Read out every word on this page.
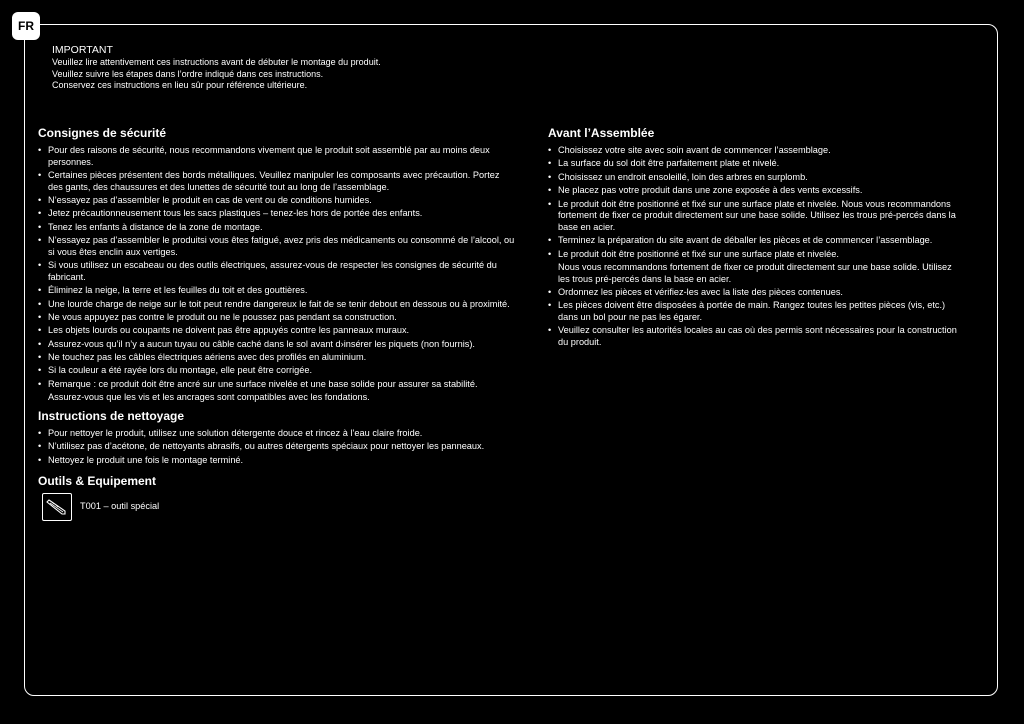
FR
IMPORTANT
Veuillez lire attentivement ces instructions avant de débuter le montage du produit.
Veuillez suivre les étapes dans l’ordre indiqué dans ces instructions.
Conservez ces instructions en lieu sûr pour référence ultérieure.
Consignes de sécurité
• Pour des raisons de sécurité, nous recommandons vivement que le produit soit assemblé par au moins deux personnes.
• Certaines pièces présentent des bords métalliques. Veuillez manipuler les composants avec précaution. Portez des gants, des chaussures et des lunettes de sécurité tout au long de l’assemblage.
• N’essayez pas d’assembler le produit en cas de vent ou de conditions humides.
• Jetez précautionneusement tous les sacs plastiques – tenez-les hors de portée des enfants.
• Tenez les enfants à distance de la zone de montage.
• N’essayez pas d’assembler le produitsi vous êtes fatigué, avez pris des médicaments ou consommé de l’alcool, ou si vous êtes enclin aux vertiges.
• Si vous utilisez un escabeau ou des outils électriques, assurez-vous de respecter les consignes de sécurité du fabricant.
• Éliminez la neige, la terre et les feuilles du toit et des gouttières.
• Une lourde charge de neige sur le toit peut rendre dangereux le fait de se tenir debout en dessous ou à proximité.
• Ne vous appuyez pas contre le produit ou ne le poussez pas pendant sa construction.
• Les objets lourds ou coupants ne doivent pas être appuyés contre les panneaux muraux.
• Assurez-vous qu’il n’y a aucun tuyau ou câble caché dans le sol avant d›insérer les piquets (non fournis).
• Ne touchez pas les câbles électriques aériens avec des profilés en aluminium.
• Si la couleur a été rayée lors du montage, elle peut être corrigée.
• Remarque : ce produit doit être ancré sur une surface nivelée et une base solide pour assurer sa stabilité.
Assurez-vous que les vis et les ancrages sont compatibles avec les fondations.
Instructions de nettoyage
• Pour nettoyer le produit, utilisez une solution détergente douce et rincez à l’eau claire froide.
• N’utilisez pas d’acétone, de nettoyants abrasifs, ou autres détergents spéciaux pour nettoyer les panneaux.
• Nettoyez le produit une fois le montage terminé.
Outils & Equipement
T001 – outil spécial
Avant l’Assemblée
• Choisissez votre site avec soin avant de commencer l’assemblage.
• La surface du sol doit être parfaitement plate et nivelé.
• Choisissez un endroit ensoleillé, loin des arbres en surplomb.
• Ne placez pas votre produit dans une zone exposée à des vents excessifs.
• Le produit doit être positionné et fixé sur une surface plate et nivelée. Nous vous recommandons fortement de fixer ce produit directement sur une base solide. Utilisez les trous pré-percés dans la base en acier.
• Terminez la préparation du site avant de déballer les pièces et de commencer l’assemblage.
• Le produit doit être positionné et fixé sur une surface plate et nivelée.
Nous vous recommandons fortement de fixer ce produit directement sur une base solide. Utilisez les trous pré-percés dans la base en acier.
• Ordonnez les pièces et vérifiez-les avec la liste des pièces contenues.
• Les pièces doivent être disposées à portée de main. Rangez toutes les petites pièces (vis, etc.) dans un bol pour ne pas les égarer.
• Veuillez consulter les autorités locales au cas où des permis sont nécessaires pour la construction du produit.
